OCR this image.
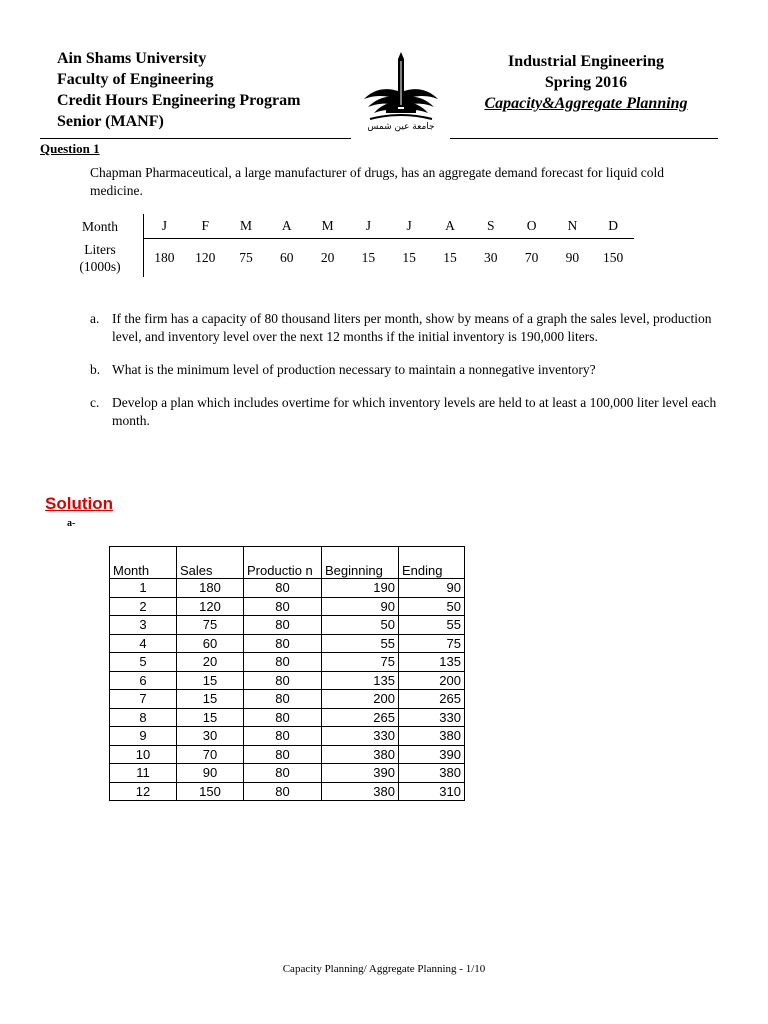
Ain Shams University
Faculty of Engineering
Credit Hours Engineering Program
Senior (MANF)	جامعة عين شمس
Industrial Engineering
Spring 2016
Capacity&Aggregate Planning
Question 1
Chapman Pharmaceutical, a large manufacturer of drugs, has an aggregate demand forecast for liquid cold medicine.
Month	J	F	M	A	M	J	J	A	S	O	N	D

Liters
(1000s)	180	120	75	60	20	15	15	15	30	70	90	150
a. If the firm has a capacity of 80 thousand liters per month, show by means of a graph the sales level, production level, and inventory level over the next 12 months if the initial inventory is 190,000 liters.
b. What is the minimum level of production necessary to maintain a nonnegative inventory?
c. Develop a plan which includes overtime for which inventory levels are held to at least a 100,000 liter level each month.
Solution
a-
Month	Sales	Productio n	Beginning	Ending
1	180	80	190	90
2	120	80	90	50
3	75	80	50	55
4	60	80	55	75
5	20	80	75	135
6	15	80	135	200
7	15	80	200	265
8	15	80	265	330
9	30	80	330	380
10	70	80	380	390
11	90	80	390	380
12	150	80	380	310
Capacity Planning/ Aggregate Planning - 1/10
